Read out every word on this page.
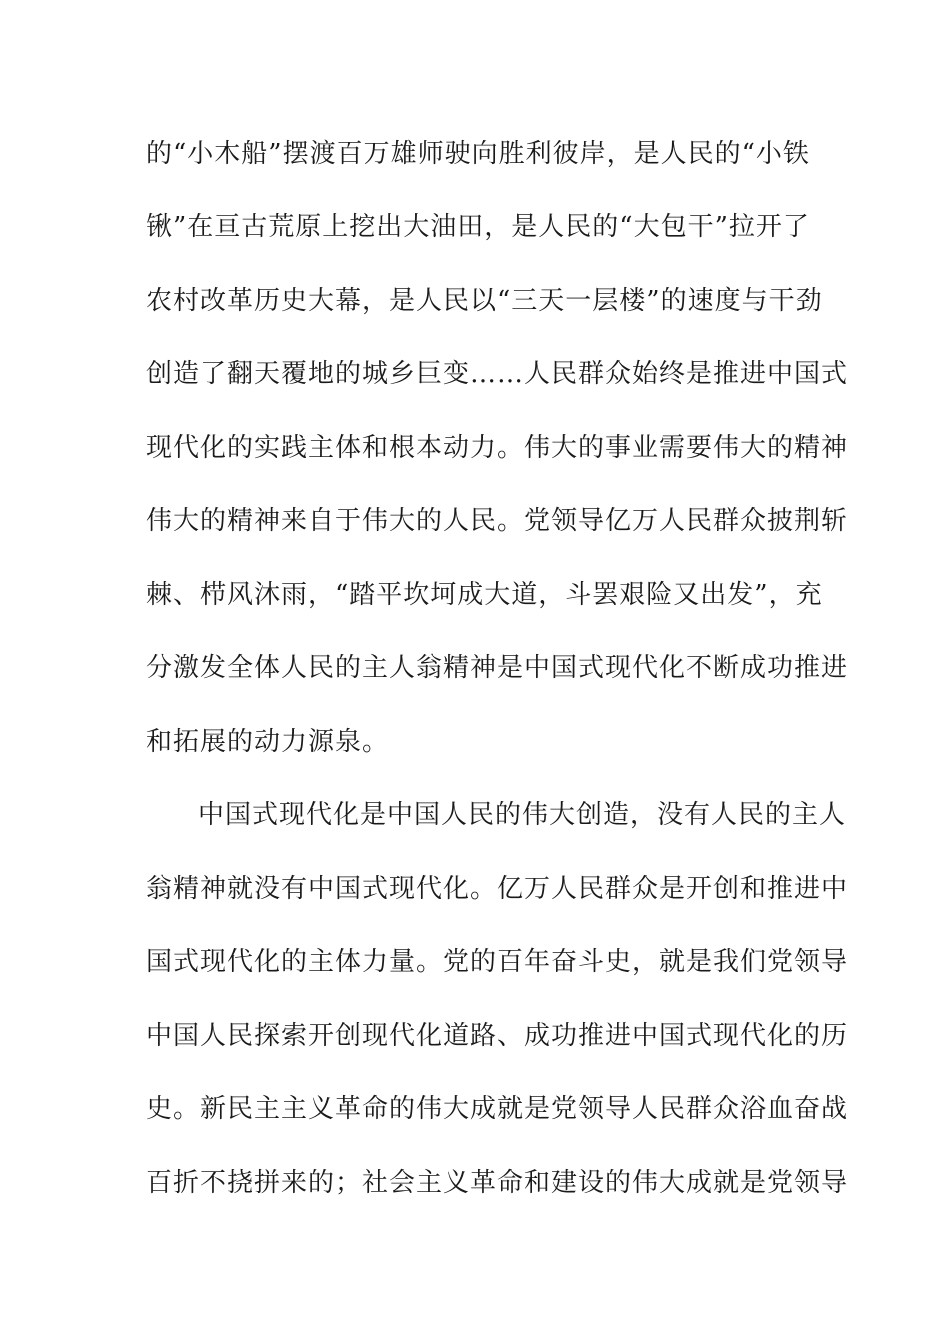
的“小木船”摆渡百万雄师驶向胜利彼岸，是人民的“小铁
锹”在亘古荒原上挖出大油田，是人民的“大包干”拉开了
农村改革历史大幕，是人民以“三天一层楼”的速度与干劲
创造了翻天覆地的城乡巨变……人民群众始终是推进中国式
现代化的实践主体和根本动力。伟大的事业需要伟大的精神
伟大的精神来自于伟大的人民。党领导亿万人民群众披荆斩
棘、栉风沐雨，“踏平坎坷成大道，斗罢艰险又出发”，充
分激发全体人民的主人翁精神是中国式现代化不断成功推进
和拓展的动力源泉。
中国式现代化是中国人民的伟大创造，没有人民的主人
翁精神就没有中国式现代化。亿万人民群众是开创和推进中
国式现代化的主体力量。党的百年奋斗史，就是我们党领导
中国人民探索开创现代化道路、成功推进中国式现代化的历
史。新民主主义革命的伟大成就是党领导人民群众浴血奋战
百折不挠拼来的；社会主义革命和建设的伟大成就是党领导
